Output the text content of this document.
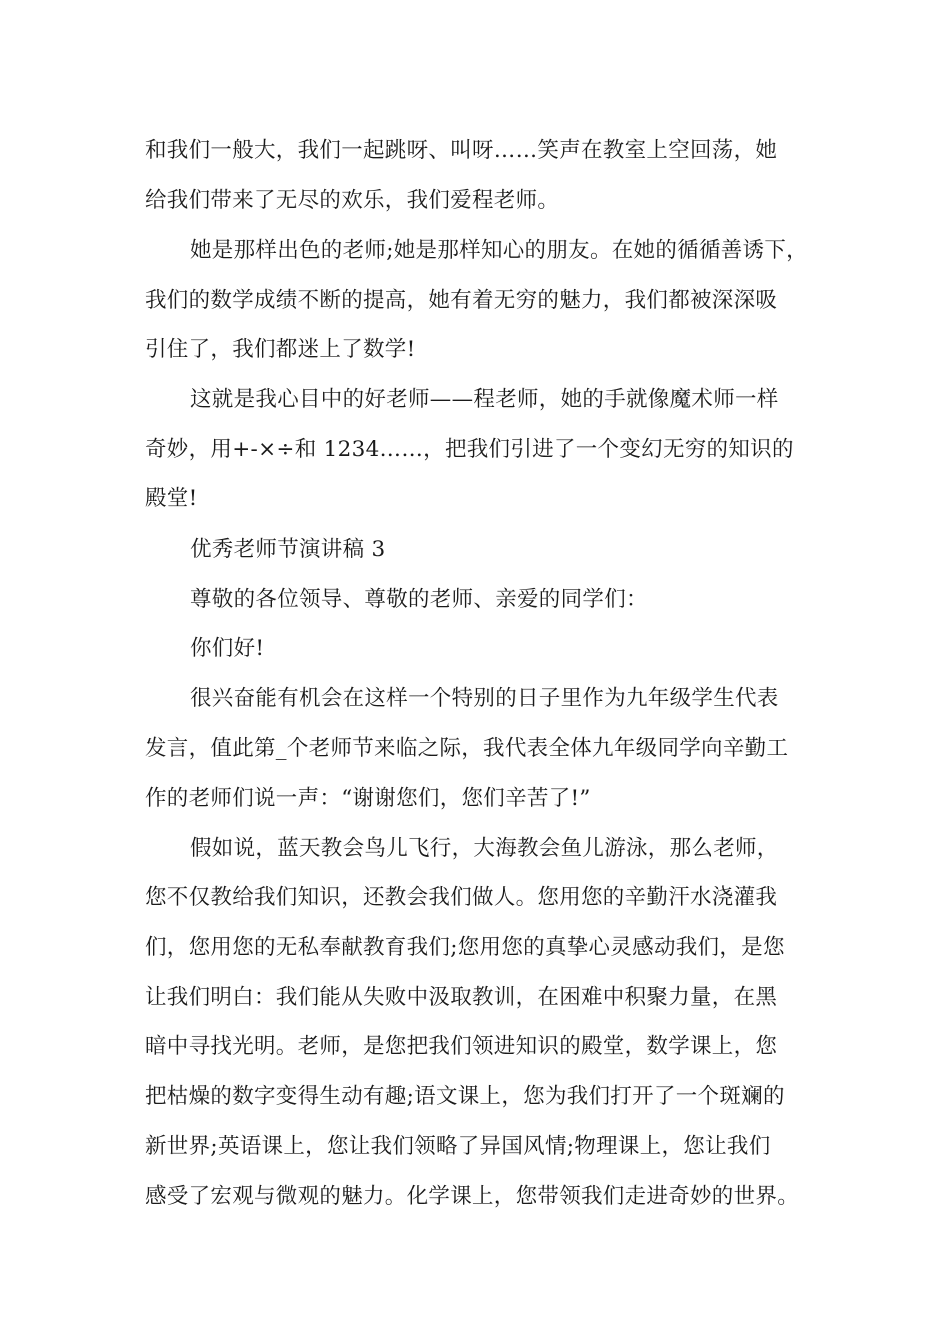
和我们一般大，我们一起跳呀、叫呀……笑声在教室上空回荡，她
给我们带来了无尽的欢乐，我们爱程老师。
她是那样出色的老师;她是那样知心的朋友。在她的循循善诱下，
我们的数学成绩不断的提高，她有着无穷的魅力，我们都被深深吸
引住了，我们都迷上了数学!
这就是我心目中的好老师——程老师，她的手就像魔术师一样
奇妙，用+-×÷和 1234……，把我们引进了一个变幻无穷的知识的
殿堂!
优秀老师节演讲稿 3
尊敬的各位领导、尊敬的老师、亲爱的同学们：
你们好!
很兴奋能有机会在这样一个特别的日子里作为九年级学生代表
发言，值此第_个老师节来临之际，我代表全体九年级同学向辛勤工
作的老师们说一声：“谢谢您们，您们辛苦了!”
假如说，蓝天教会鸟儿飞行，大海教会鱼儿游泳，那么老师，
您不仅教给我们知识，还教会我们做人。您用您的辛勤汗水浇灌我
们，您用您的无私奉献教育我们;您用您的真挚心灵感动我们，是您
让我们明白：我们能从失败中汲取教训，在困难中积聚力量，在黑
暗中寻找光明。老师，是您把我们领进知识的殿堂，数学课上，您
把枯燥的数字变得生动有趣;语文课上，您为我们打开了一个斑斓的
新世界;英语课上，您让我们领略了异国风情;物理课上，您让我们
感受了宏观与微观的魅力。化学课上，您带领我们走进奇妙的世界。
